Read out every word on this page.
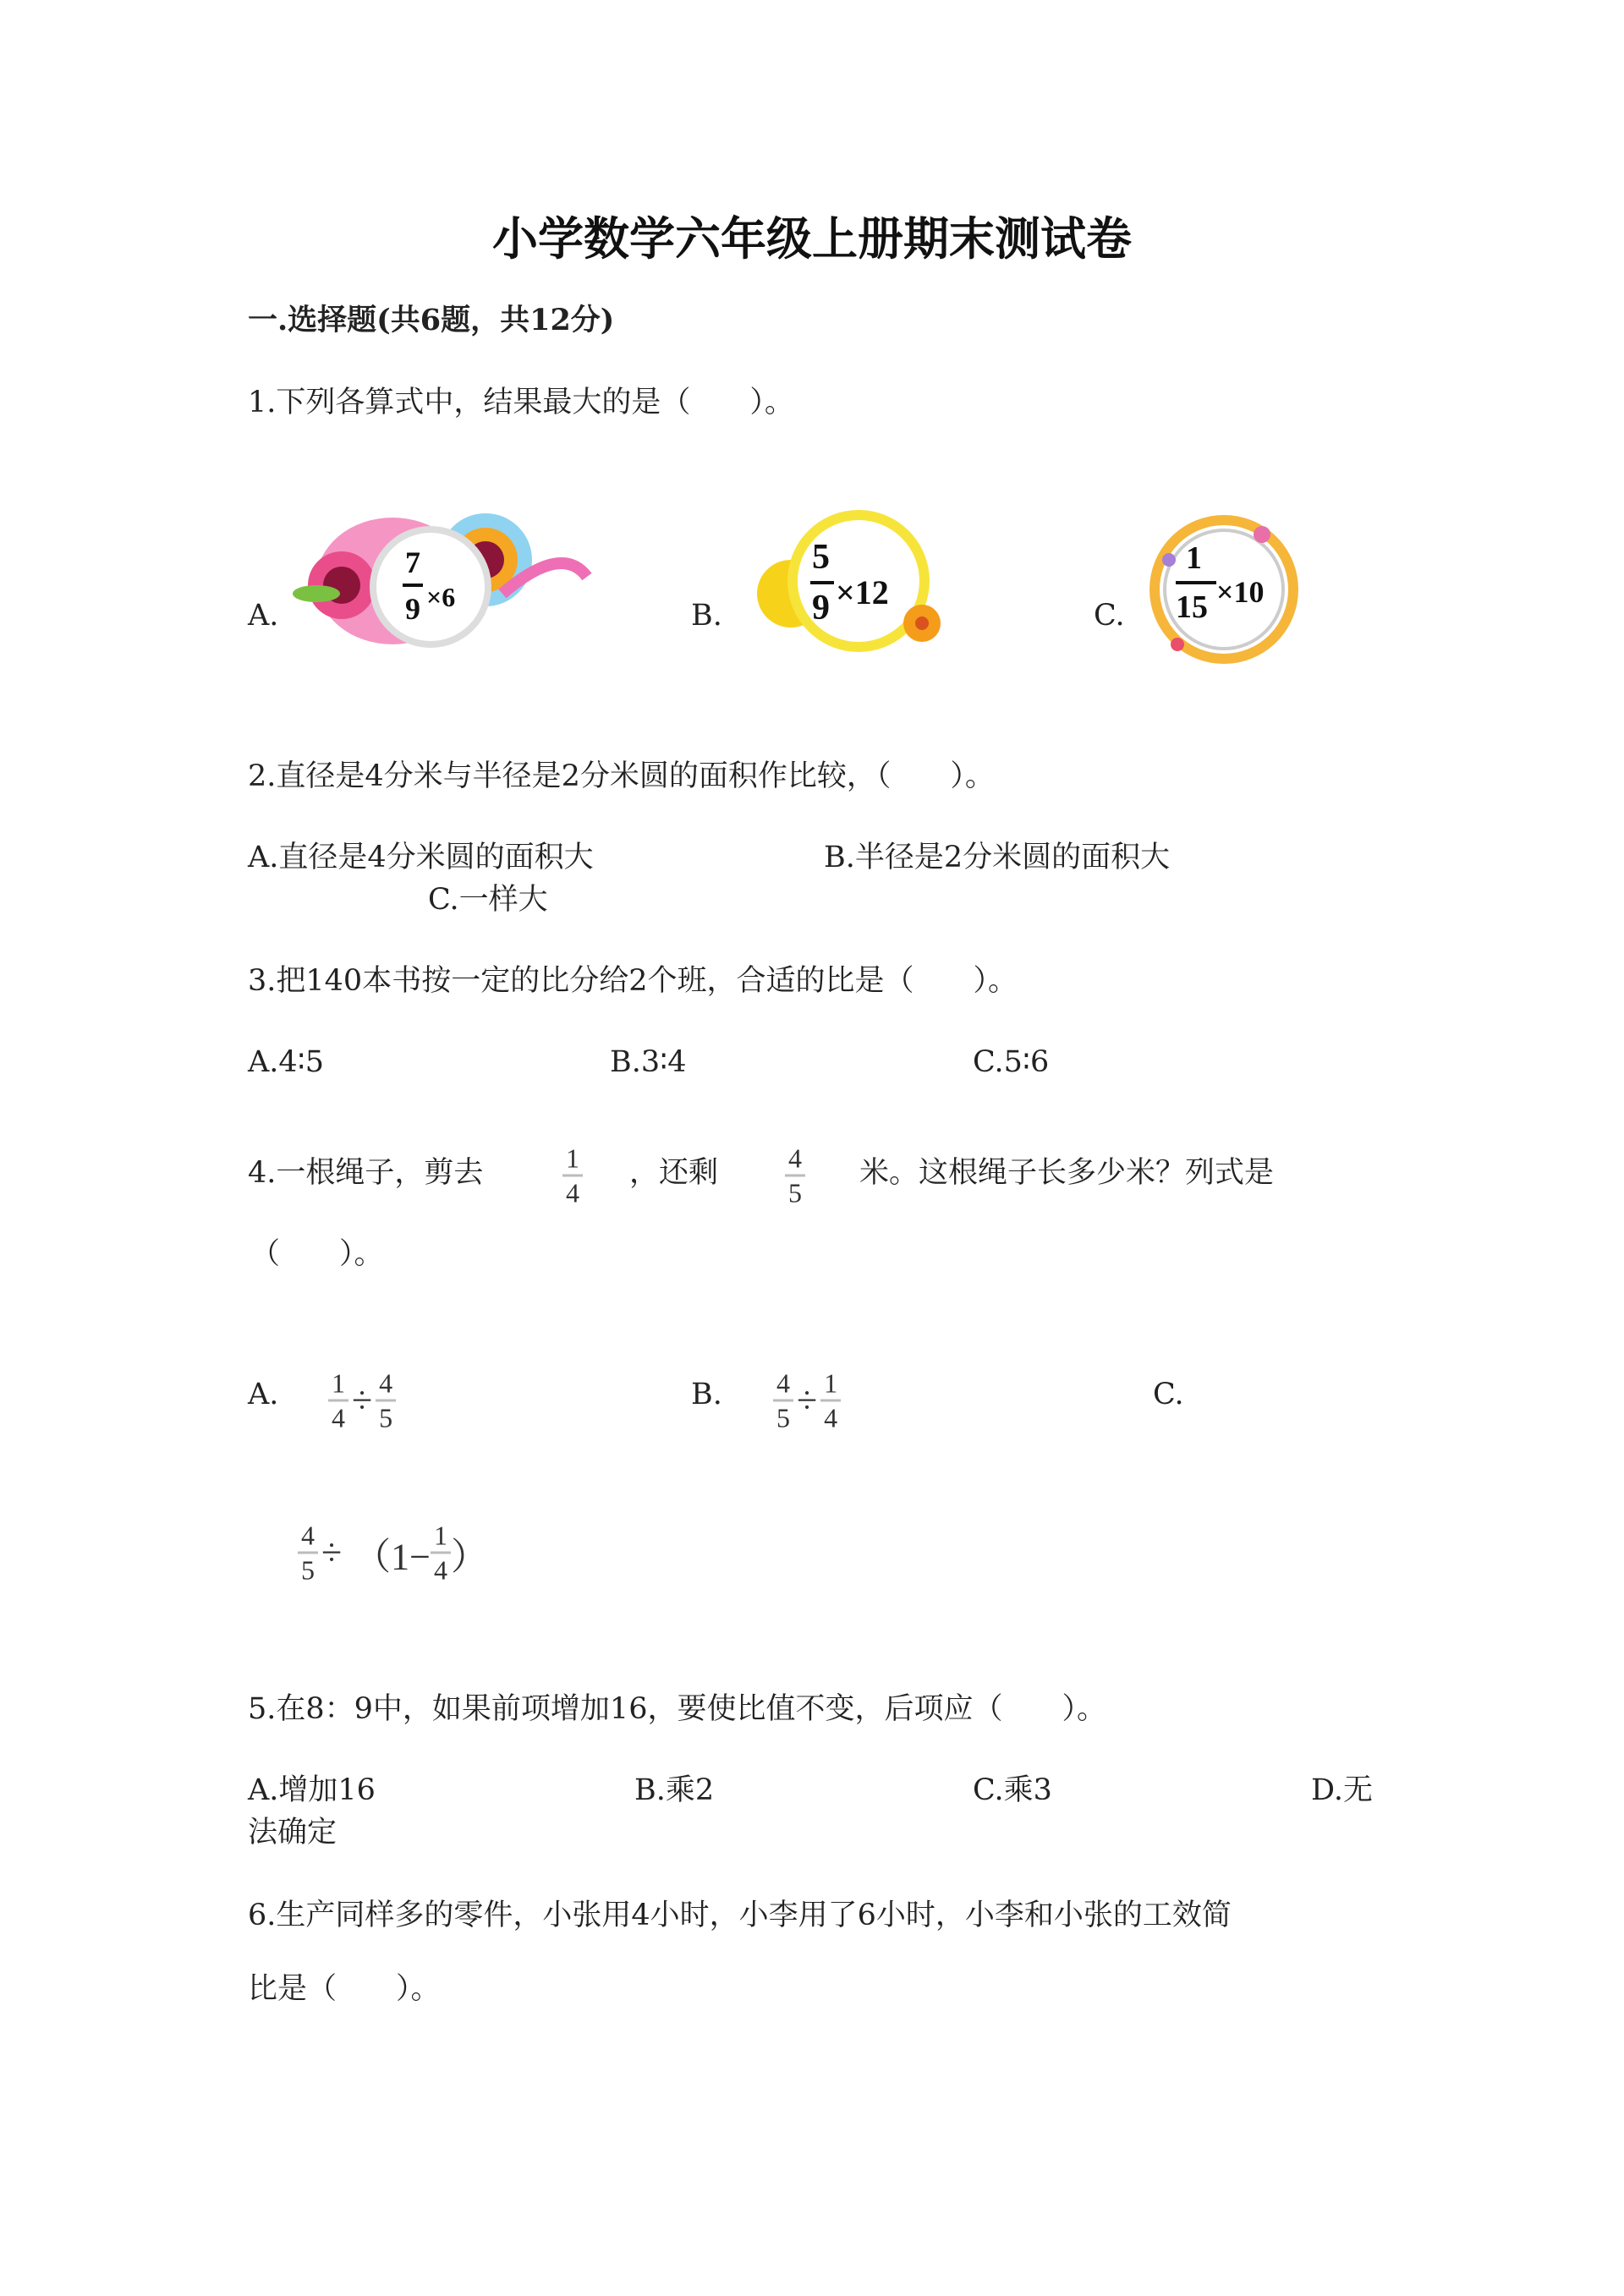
小学数学六年级上册期末测试卷
一.选择题(共6题，共12分)
1.下列各算式中，结果最大的是（　　）。
A.
7
9 ×6
B.
5
9 ×12
C.
1
15 ×10
2.直径是4分米与半径是2分米圆的面积作比较，（　　）。
A.直径是4分米圆的面积大	B.半径是2分米圆的面积大
C.一样大
3.把140本书按一定的比分给2个班，合适的比是（　　）。
A.4∶5	B.3∶4	C.5∶6
4.一根绳子，剪去	1
4
，还剩	4
5
米。这根绳子长多少米？列式是
（　　）。
A. $\frac{1}{4} \div \frac{4}{5}$	B. $\frac{4}{5} \div \frac{1}{4}$	C.
$\frac{4}{5} \div (1- \frac{1}{4}$ ）
5.在8：9中，如果前项增加16，要使比值不变，后项应（　　）。
A.增加16	B.乘2	C.乘3	D.无
法确定
6.生产同样多的零件，小张用4小时，小李用了6小时，小李和小张的工效简
比是（　　）。
